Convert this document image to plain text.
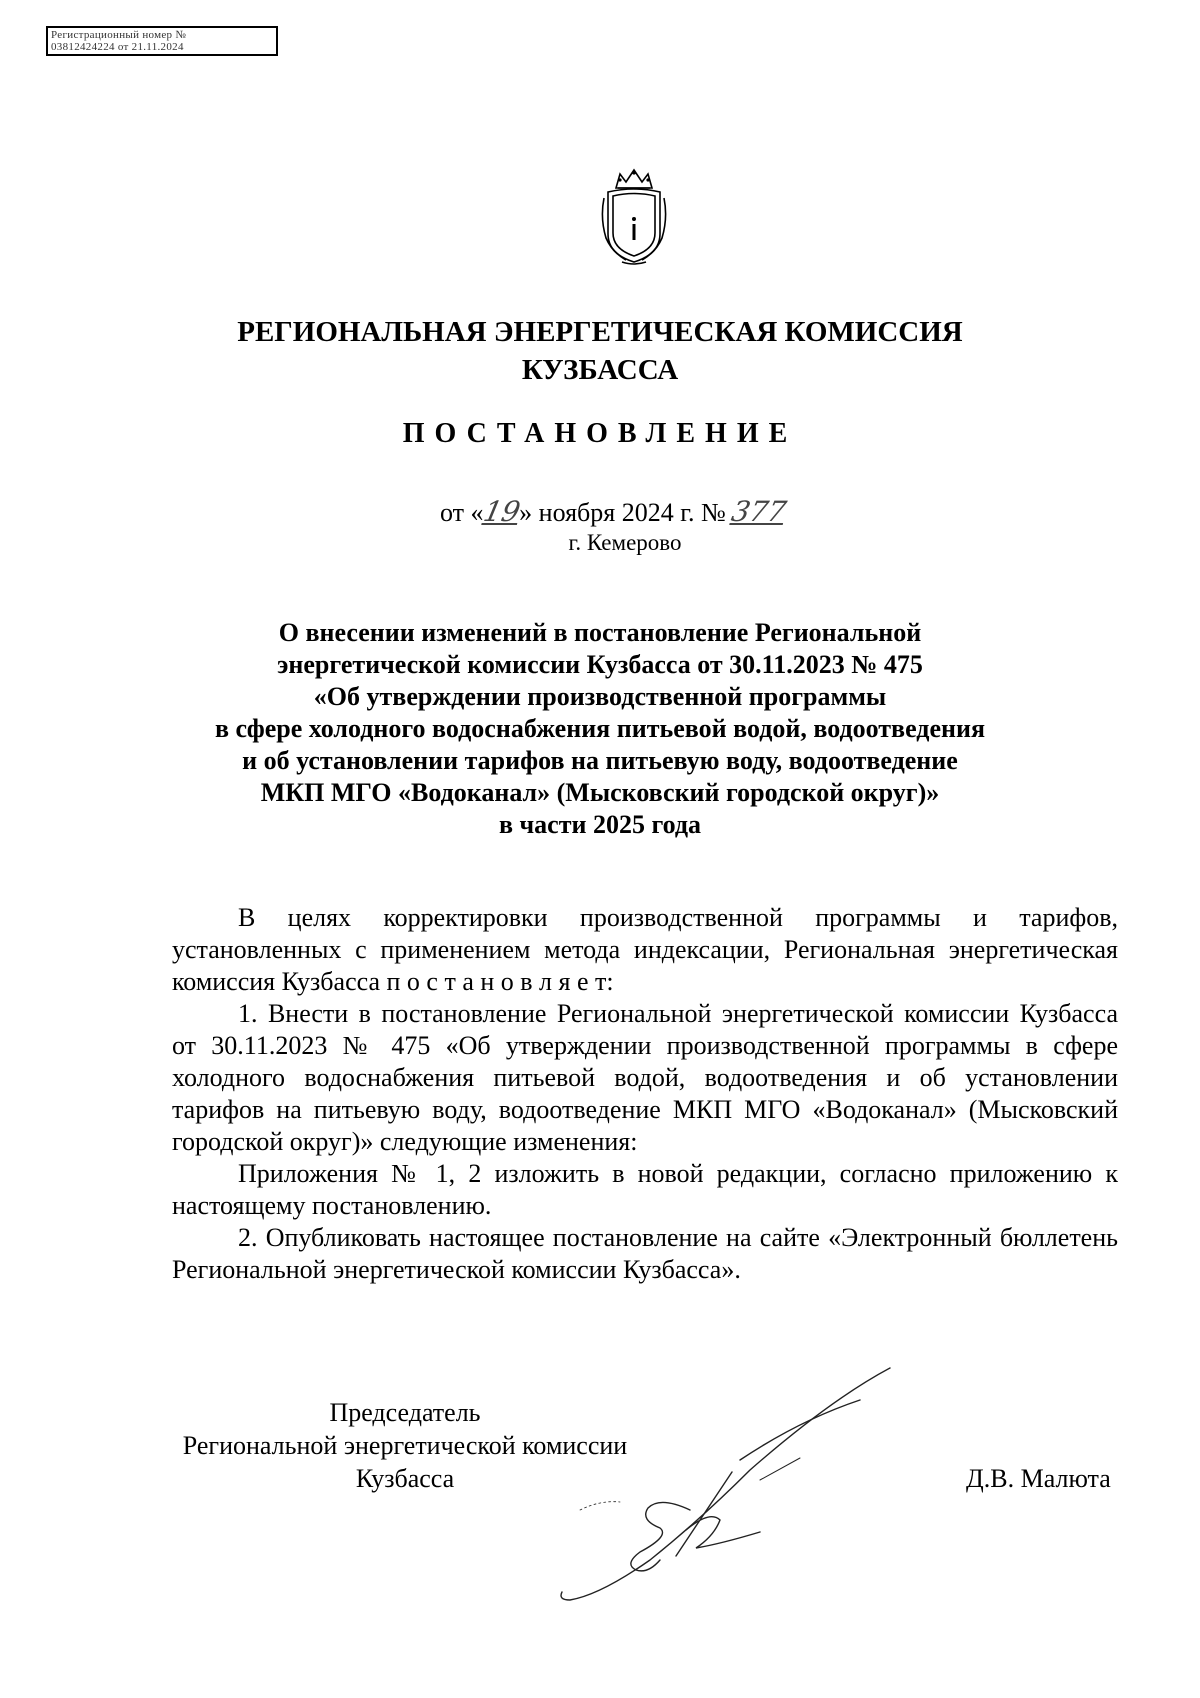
Регистрационный номер №
03812424224 от 21.11.2024
РЕГИОНАЛЬНАЯ ЭНЕРГЕТИЧЕСКАЯ КОМИССИЯ
КУЗБАССА
ПОСТАНОВЛЕНИЕ
от «19» ноября 2024 г. № 377
г. Кемерово
О внесении изменений в постановление Региональной
энергетической комиссии Кузбасса от 30.11.2023 № 475
«Об утверждении производственной программы
в сфере холодного водоснабжения питьевой водой, водоотведения
и об установлении тарифов на питьевую воду, водоотведение
МКП МГО «Водоканал» (Мысковский городской округ)»
в части 2025 года

В целях корректировки производственной программы и тарифов, установленных с применением метода индексации, Региональная энергетическая комиссия Кузбасса п о с т а н о в л я е т:

1. Внести в постановление Региональной энергетической комиссии Кузбасса от 30.11.2023 № 475 «Об утверждении производственной программы в сфере холодного водоснабжения питьевой водой, водоотведения и об установлении тарифов на питьевую воду, водоотведение МКП МГО «Водоканал» (Мысковский городской округ)» следующие изменения:

Приложения № 1, 2 изложить в новой редакции, согласно приложению к настоящему постановлению.

2. Опубликовать настоящее постановление на сайте «Электронный бюллетень Региональной энергетической комиссии Кузбасса».

Председатель
Региональной энергетической комиссии
Кузбасса	Д.В. Малюта
